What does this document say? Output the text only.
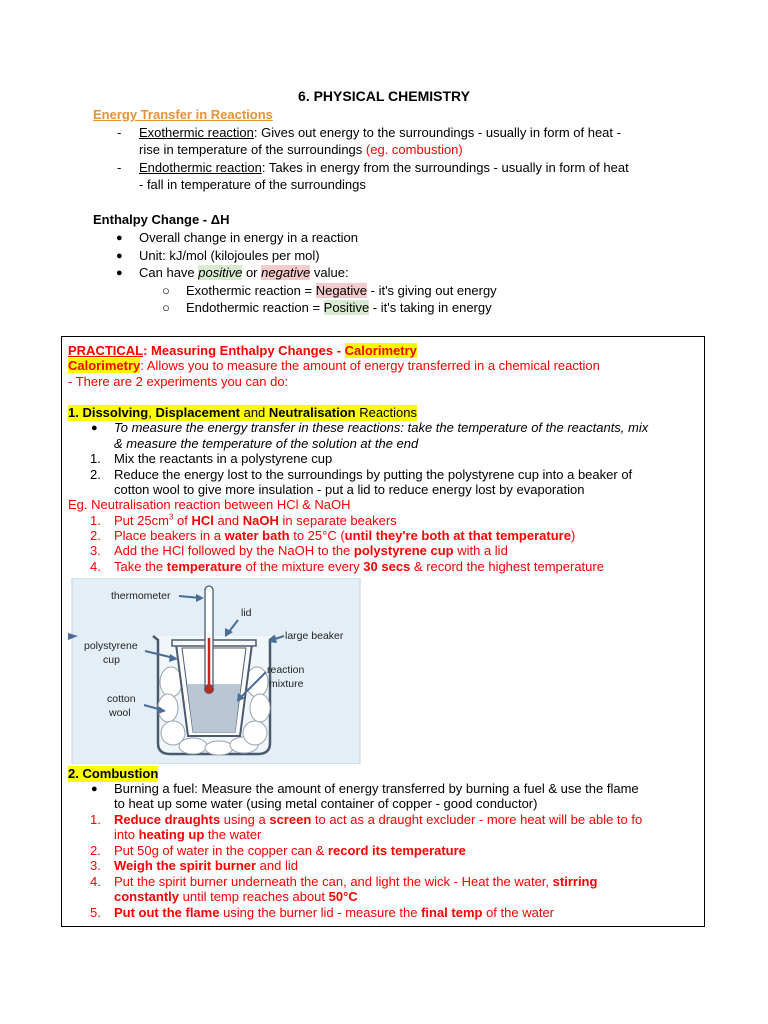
6. PHYSICAL CHEMISTRY
Energy Transfer in Reactions
- Exothermic reaction: Gives out energy to the surroundings - usually in form of heat -
rise in temperature of the surroundings (eg. combustion)
- Endothermic reaction: Takes in energy from the surroundings - usually in form of heat
- fall in temperature of the surroundings
Enthalpy Change - ΔH
● Overall change in energy in a reaction
● Unit: kJ/mol (kilojoules per mol)
● Can have positive or negative value:
○ Exothermic reaction = Negative - it's giving out energy
○ Endothermic reaction = Positive - it's taking in energy
PRACTICAL: Measuring Enthalpy Changes - Calorimetry
Calorimetry: Allows you to measure the amount of energy transferred in a chemical reaction
- There are 2 experiments you can do:
1. Dissolving, Displacement and Neutralisation Reactions
● To measure the energy transfer in these reactions: take the temperature of the reactants, mix
& measure the temperature of the solution at the end
1. Mix the reactants in a polystyrene cup
2. Reduce the energy lost to the surroundings by putting the polystyrene cup into a beaker of
cotton wool to give more insulation - put a lid to reduce energy lost by evaporation
Eg. Neutralisation reaction between HCl & NaOH
1. Put $25cm^3$ of HCl and NaOH in separate beakers
2. Place beakers in a water bath to 25°C (until they're both at that temperature)
3. Add the HCl followed by the NaOH to the polystyrene cup with a lid
4. Take the temperature of the mixture every 30 secs & record the highest temperature
thermometer
lid
large beaker
polystyrene
cup
reaction
mixture
cotton
wool
2. Combustion
● Burning a fuel: Measure the amount of energy transferred by burning a fuel & use the flame
to heat up some water (using metal container of copper - good conductor)
1. Reduce draughts using a screen to act as a draught excluder - more heat will be able to fo
into heating up the water
2. Put 50g of water in the copper can & record its temperature
3. Weigh the spirit burner and lid
4. Put the spirit burner underneath the can, and light the wick - Heat the water, stirring
constantly until temp reaches about 50°C
5. Put out the flame using the burner lid - measure the final temp of the water
